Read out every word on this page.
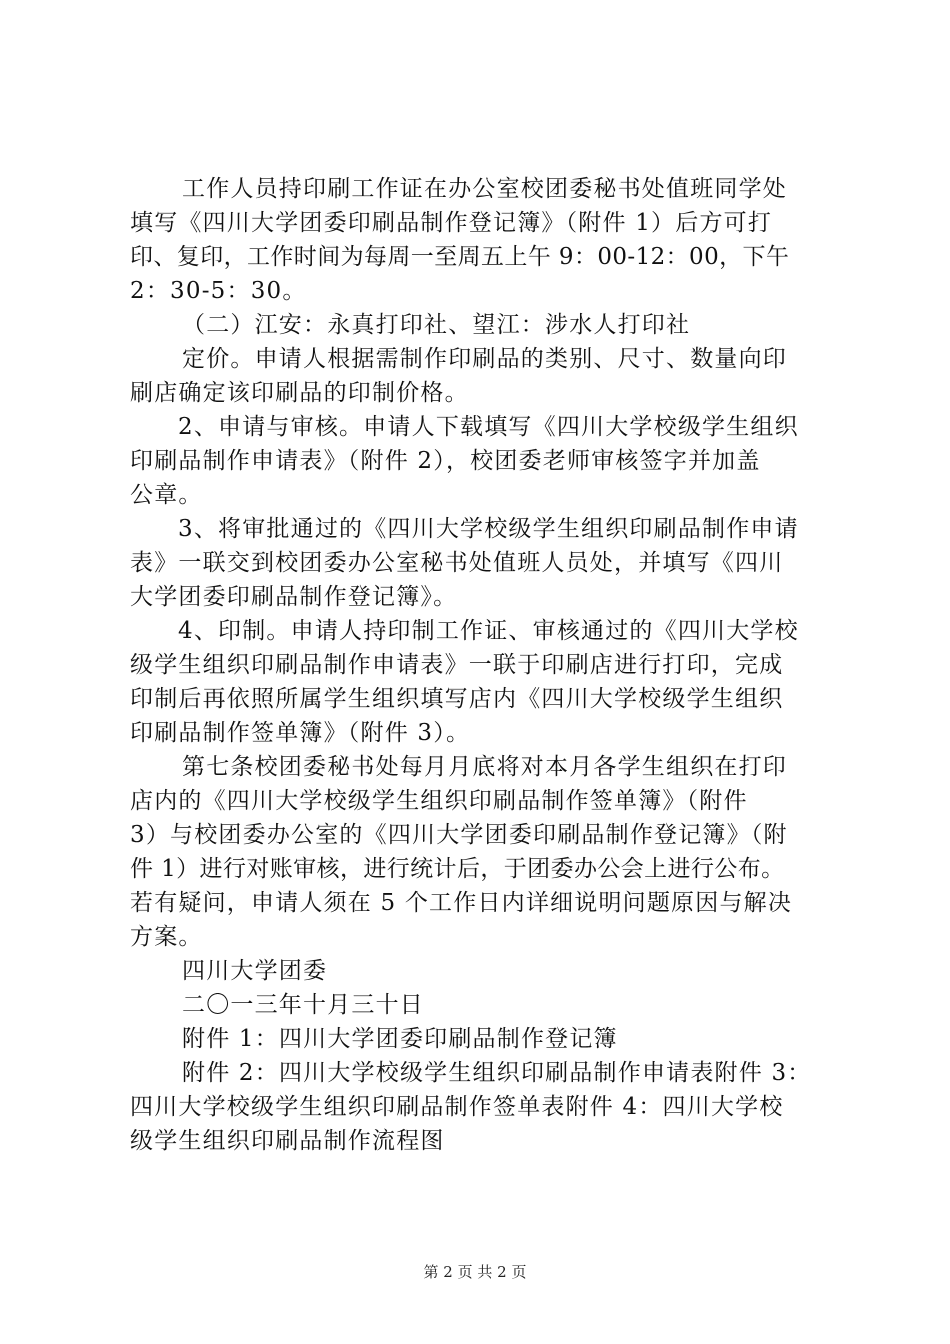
工作人员持印刷工作证在办公室校团委秘书处值班同学处
填写《四川大学团委印刷品制作登记簿》（附件 1）后方可打
印、复印，工作时间为每周一至周五上午 9：00-12：00，下午
2：30-5：30。
（二）江安：永真打印社、望江：涉水人打印社
定价。申请人根据需制作印刷品的类别、尺寸、数量向印
刷店确定该印刷品的印制价格。
2、申请与审核。申请人下载填写《四川大学校级学生组织
印刷品制作申请表》（附件 2），校团委老师审核签字并加盖
公章。
3、将审批通过的《四川大学校级学生组织印刷品制作申请
表》一联交到校团委办公室秘书处值班人员处，并填写《四川
大学团委印刷品制作登记簿》。
4、印制。申请人持印制工作证、审核通过的《四川大学校
级学生组织印刷品制作申请表》一联于印刷店进行打印，完成
印制后再依照所属学生组织填写店内《四川大学校级学生组织
印刷品制作签单簿》（附件 3）。
第七条校团委秘书处每月月底将对本月各学生组织在打印
店内的《四川大学校级学生组织印刷品制作签单簿》（附件
3）与校团委办公室的《四川大学团委印刷品制作登记簿》（附
件 1）进行对账审核，进行统计后，于团委办公会上进行公布。
若有疑问，申请人须在 5 个工作日内详细说明问题原因与解决
方案。
四川大学团委
二〇一三年十月三十日
附件 1：四川大学团委印刷品制作登记簿
附件 2：四川大学校级学生组织印刷品制作申请表附件 3：
四川大学校级学生组织印刷品制作签单表附件 4：四川大学校
级学生组织印刷品制作流程图
第 2 页 共 2 页
